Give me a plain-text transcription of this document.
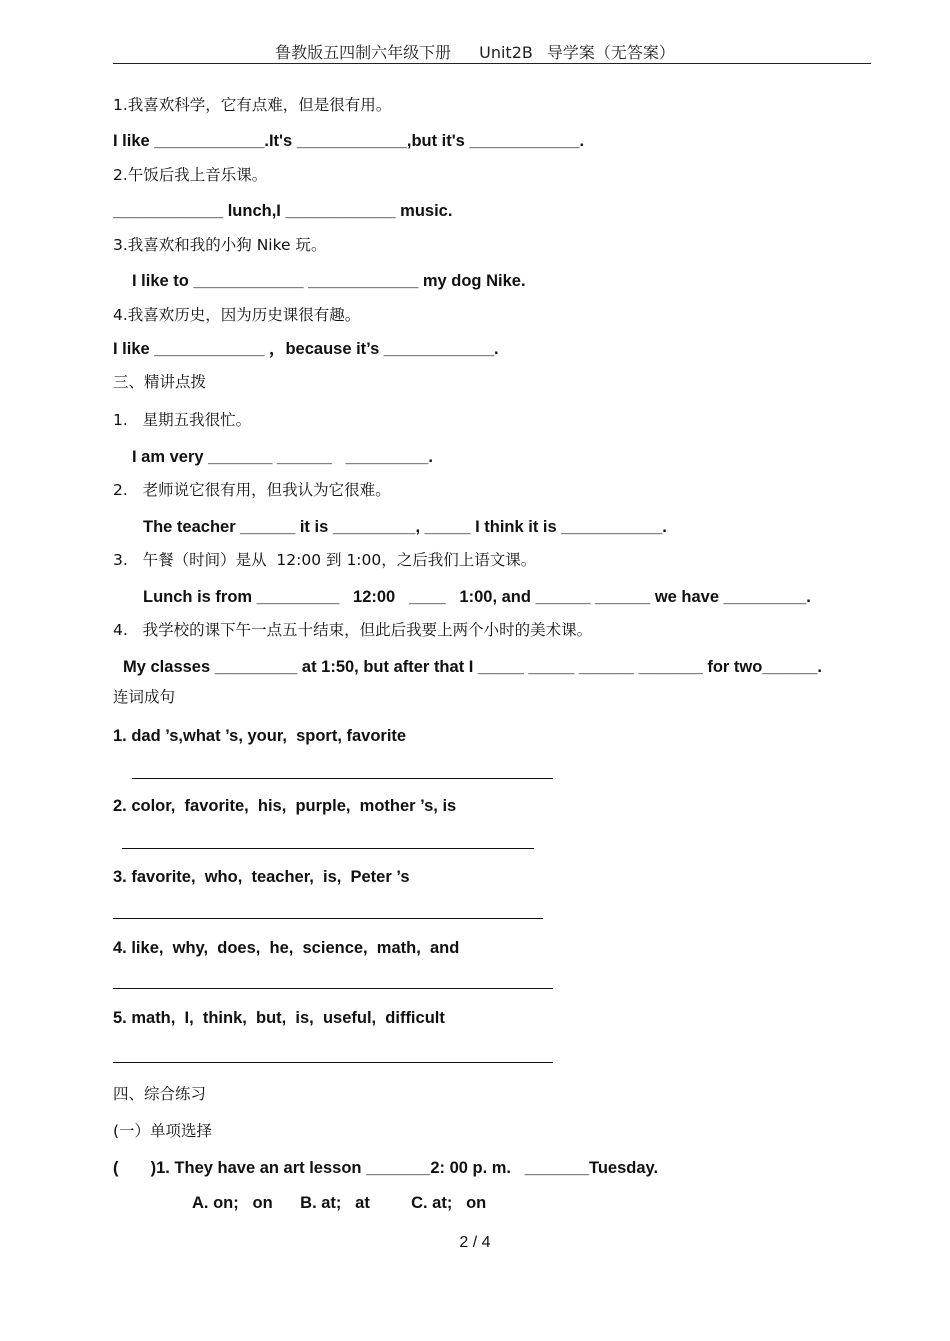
鲁教版五四制六年级下册 Unit2B 导学案（无答案）
1.我喜欢科学，它有点难，但是很有用。
I like ____________.It's ____________,but it's ____________.
2.午饭后我上音乐课。
____________ lunch,I ____________ music.
3.我喜欢和我的小狗 Nike 玩。
I like to ____________ ____________ my dog Nike.
4.我喜欢历史，因为历史课很有趣。
I like ____________ ，because it’s ____________.
三、精讲点拨
1.   星期五我很忙。
I am very _______ ______   _________.
2.   老师说它很有用，但我认为它很难。
The teacher ______ it is _________, _____ I think it is ___________.
3.   午餐（时间）是从  12:00 到 1:00，之后我们上语文课。
Lunch is from _________   12:00   ____   1:00, and ______ ______ we have _________.
4.   我学校的课下午一点五十结束，但此后我要上两个小时的美术课。
My classes _________ at 1:50, but after that I _____ _____ ______ _______ for two______.
连词成句
1. dad ’s,what ’s, your,  sport, favorite
2. color,  favorite,  his,  purple,  mother ’s, is
3. favorite,  who,  teacher,  is,  Peter ’s
4. like,  why,  does,  he,  science,  math,  and
5. math,  I,  think,  but,  is,  useful,  difficult
四、综合练习
(一）单项选择
(       )1. They have an art lesson _______2: 00 p. m.   _______Tuesday.
A. on;   on      B. at;   at         C. at;   on
2 / 4
